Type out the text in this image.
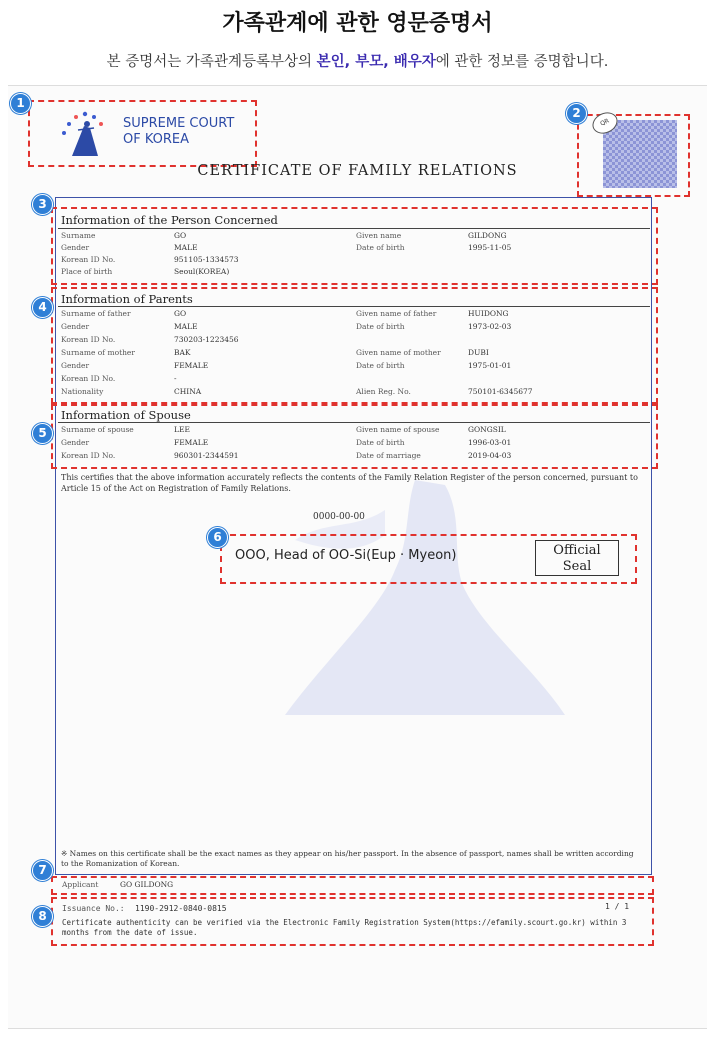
가족관계에 관한 영문증명서
본 증명서는 가족관계등록부상의 본인, 부모, 배우자에 관한 정보를 증명합니다.
1
SUPREME COURT
OF KOREA
2
QR
CERTIFICATE OF FAMILY RELATIONS
3
Information of the Person Concerned
Surname	GO	Given name	GILDONG
Gender	MALE	Date of birth	1995-11-05
Korean ID No.	951105-1334573
Place of birth	Seoul(KOREA)
4
Information of Parents
Surname of father	GO	Given name of father	HUIDONG
Gender	MALE	Date of birth	1973-02-03
Korean ID No.	730203-1223456
Surname of mother	BAK	Given name of mother	DUBI
Gender	FEMALE	Date of birth	1975-01-01
Korean ID No.	-
Nationality	CHINA	Alien Reg. No.	750101-6345677
5
Information of Spouse
Surname of spouse	LEE	Given name of spouse	GONGSIL
Gender	FEMALE	Date of birth	1996-03-01
Korean ID No.	960301-2344591	Date of marriage	2019-04-03
This certifies that the above information accurately reflects the contents of the Family Relation Register of the person concerned, pursuant to Article 15 of the Act on Registration of Family Relations.
0000-00-00
6
OOO, Head of OO-Si(Eup · Myeon)	Official
Seal
※ Names on this certificate shall be the exact names as they appear on his/her passport. In the absence of passport, names shall be written according to the Romanization of Korean.
7
Applicant	GO GILDONG
8
Issuance No.: 1190-2912-0840-0815	1 / 1
Certificate authenticity can be verified via the Electronic Family Registration System(https://efamily.scourt.go.kr) within 3 months from the date of issue.
